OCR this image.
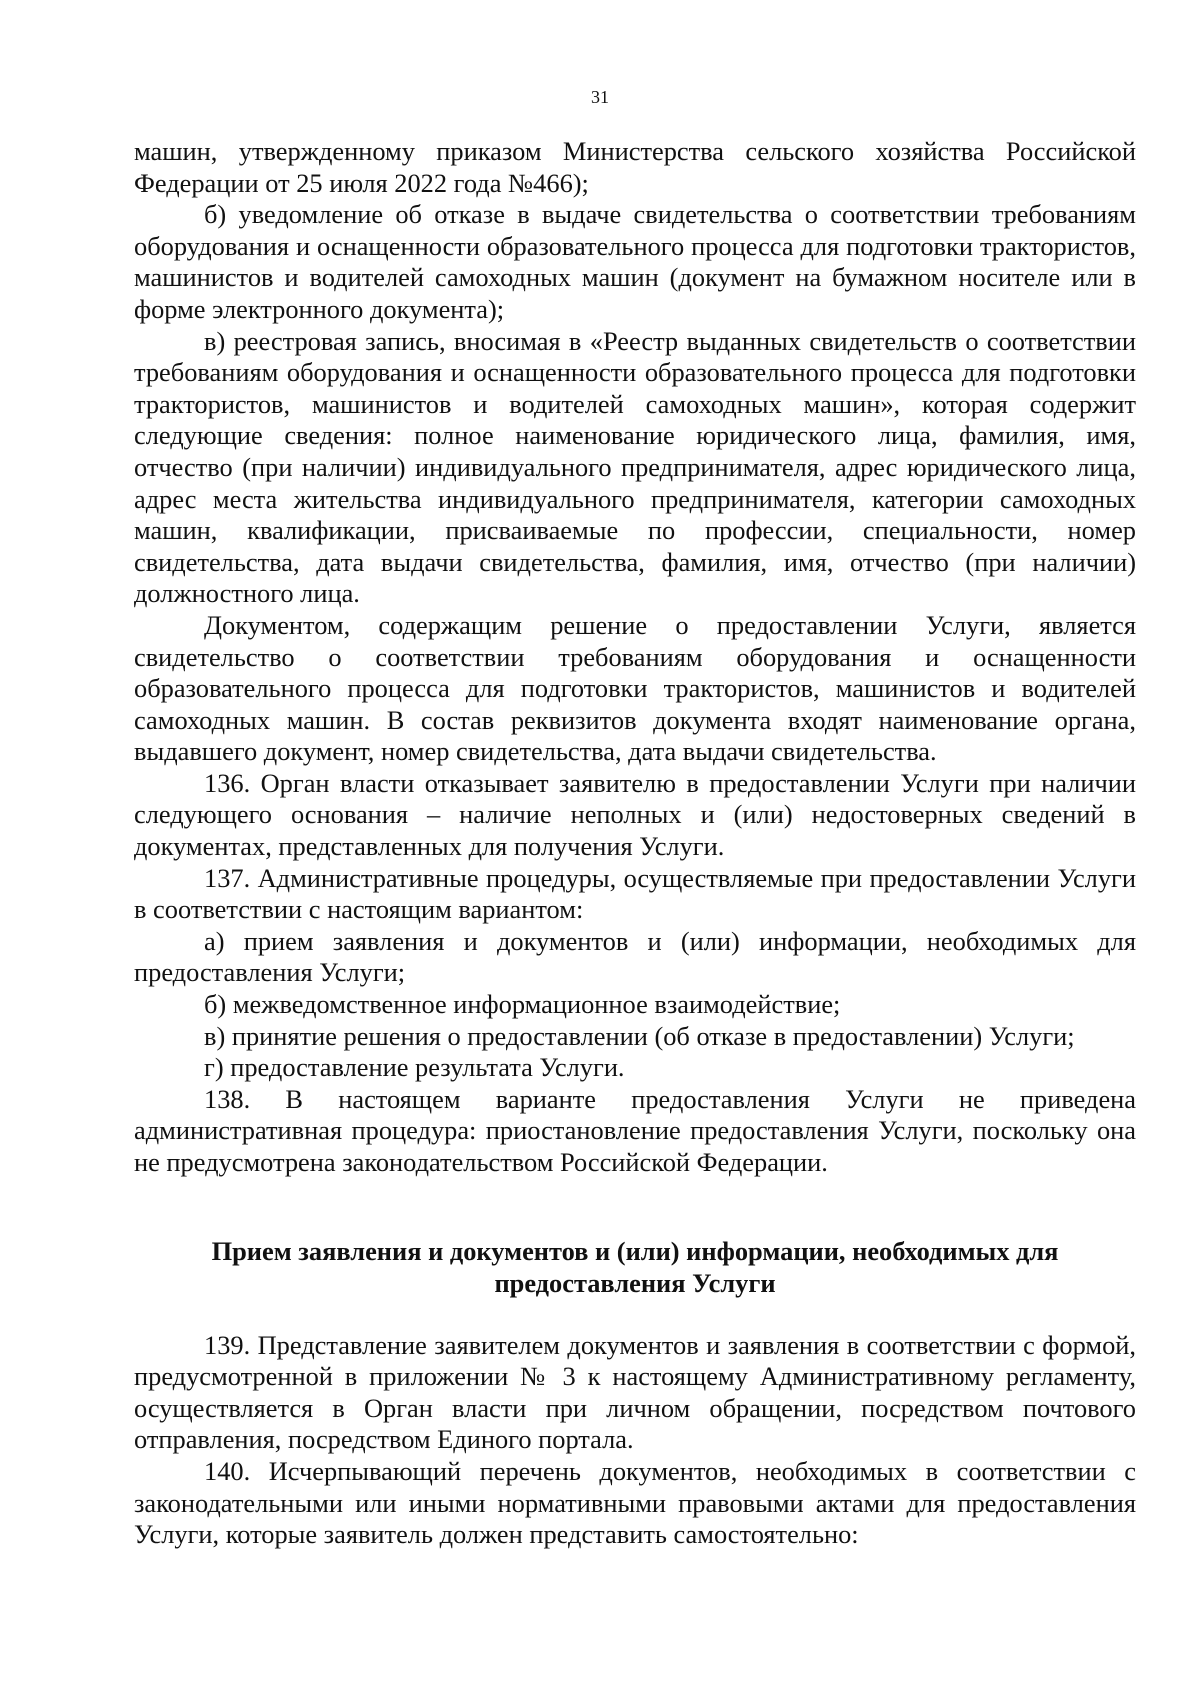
31

машин, утвержденному приказом Министерства сельского хозяйства Российской Федерации от 25 июля 2022 года №466);

б) уведомление об отказе в выдаче свидетельства о соответствии требованиям оборудования и оснащенности образовательного процесса для подготовки трактористов, машинистов и водителей самоходных машин (документ на бумажном носителе или в форме электронного документа);

в) реестровая запись, вносимая в «Реестр выданных свидетельств о соответствии требованиям оборудования и оснащенности образовательного процесса для подготовки трактористов, машинистов и водителей самоходных машин», которая содержит следующие сведения: полное наименование юридического лица, фамилия, имя, отчество (при наличии) индивидуального предпринимателя, адрес юридического лица, адрес места жительства индивидуального предпринимателя, категории самоходных машин, квалификации, присваиваемые по профессии, специальности, номер свидетельства, дата выдачи свидетельства, фамилия, имя, отчество (при наличии) должностного лица.

Документом, содержащим решение о предоставлении Услуги, является свидетельство о соответствии требованиям оборудования и оснащенности образовательного процесса для подготовки трактористов, машинистов и водителей самоходных машин. В состав реквизитов документа входят наименование органа, выдавшего документ, номер свидетельства, дата выдачи свидетельства.

136. Орган власти отказывает заявителю в предоставлении Услуги при наличии следующего основания – наличие неполных и (или) недостоверных сведений в документах, представленных для получения Услуги.

137. Административные процедуры, осуществляемые при предоставлении Услуги в соответствии с настоящим вариантом:

а) прием заявления и документов и (или) информации, необходимых для предоставления Услуги;

б) межведомственное информационное взаимодействие;

в) принятие решения о предоставлении (об отказе в предоставлении) Услуги;

г) предоставление результата Услуги.

138. В настоящем варианте предоставления Услуги не приведена административная процедура: приостановление предоставления Услуги, поскольку она не предусмотрена законодательством Российской Федерации.

Прием заявления и документов и (или) информации, необходимых для предоставления Услуги

139. Представление заявителем документов и заявления в соответствии с формой, предусмотренной в приложении № 3 к настоящему Административному регламенту, осуществляется в Орган власти при личном обращении, посредством почтового отправления, посредством Единого портала.

140. Исчерпывающий перечень документов, необходимых в соответствии с законодательными или иными нормативными правовыми актами для предоставления Услуги, которые заявитель должен представить самостоятельно:
